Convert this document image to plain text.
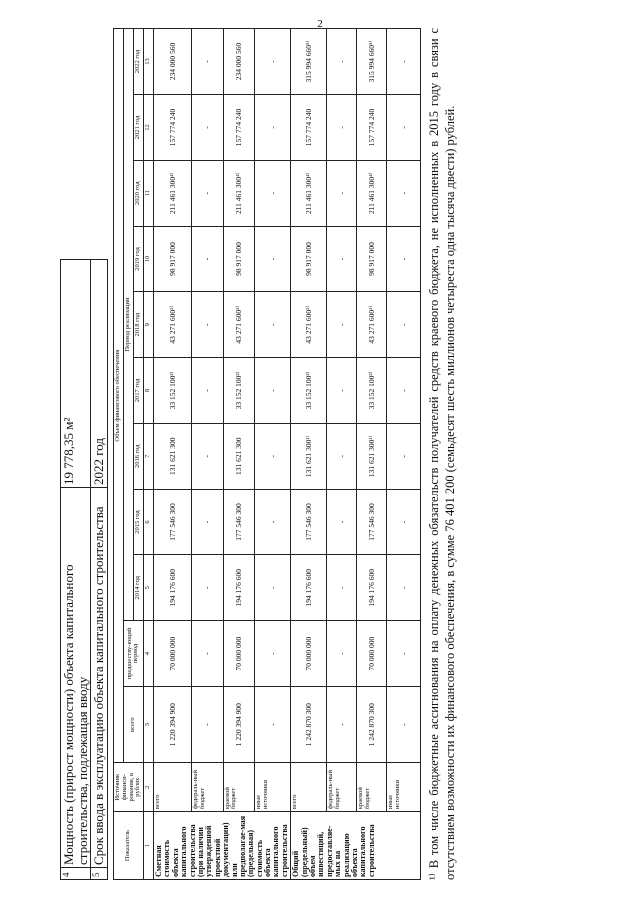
2
4	Мощность (прирост мощности) объекта капитального строительства, подлежащая вводу	19 778,35 м²
5	Срок ввода в эксплуатацию объекта капитального строительства	2022 год
Показатель	Источник финанси-рования, в рублях	Объем финансового обеспечения										
		всего	предшеству-ющий период	Период реализации								
				2014 год	2015 год	2016 год	2017 год	2018 год	2019 год	2020 год	2021 год	2022 год
1	2	3	4	5	6	7	8	9	10	11	12	13
Сметная стоимость объекта капитального строительства (при наличии утвержденной проектной документации) или предполагае-мая (предельная) стоимость объекта капитального строительства	всего	1 220 394 900	70 000 000	194 176 600	177 546 300	131 621 300	33 152 100²⁾	43 271 600³⁾	98 917 000	211 461 300⁴⁾	157 774 240	234 000 560
	федераль-ный бюджет	-	-	-	-	-	-	-	-	-	-	-
	краевой бюджет	1 220 394 900	70 000 000	194 176 600	177 546 300	131 621 300	33 152 100²⁾	43 271 600³⁾	98 917 000	211 461 300⁴⁾	157 774 240	234 000 560
	иные источники	-	-	-	-	-	-	-	-	-	-	-
Общий (предельный) объем инвестиций, предоставляе-мых на реализацию объекта капитального строительства	всего	1 242 870 300	70 000 000	194 176 600	177 546 300	131 621 300¹⁾	33 152 100²⁾	43 271 600³⁾	98 917 000	211 461 300⁴⁾	157 774 240	315 994 660⁵⁾
	федераль-ный бюджет	-	-	-	-	-	-	-	-	-	-	-
	краевой бюджет	1 242 870 300	70 000 000	194 176 600	177 546 300	131 621 300¹⁾	33 152 100²⁾	43 271 600³⁾	98 917 000	211 461 300⁴⁾	157 774 240	315 994 660⁵⁾
	иные источники	-	-	-	-	-	-	-	-	-	-	- ¹⁾ В том числе бюджетные ассигнования на оплату денежных обязательств получателей средств краевого бюджета, не исполненных в 2015 году в связи с отсутствием возможности их финансового обеспечения, в сумме 76 401 200 (семьдесят шесть миллионов четыреста одна тысяча двести) рублей.
